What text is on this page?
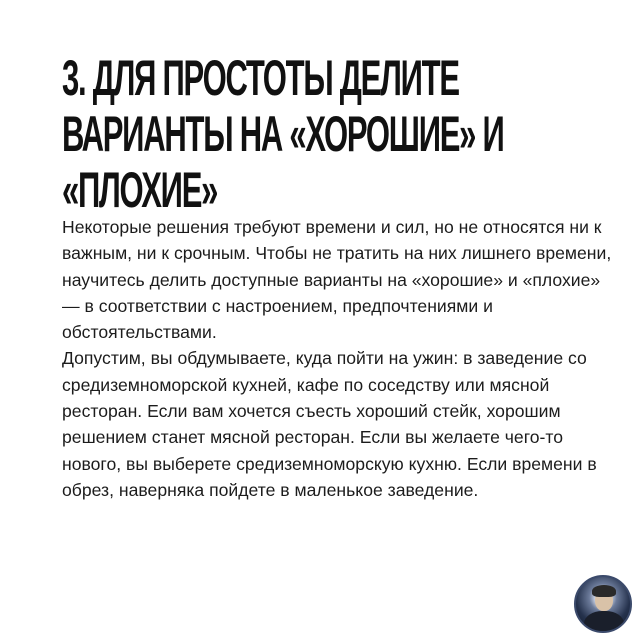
3. ДЛЯ ПРОСТОТЫ ДЕЛИТЕ
ВАРИАНТЫ НА «ХОРОШИЕ» И
«ПЛОХИЕ»

Некоторые решения требуют времени и сил, но не относятся ни к важным, ни к срочным. Чтобы не тратить на них лишнего времени, научитесь делить доступные варианты на «хорошие» и «плохие» — в соответствии с настроением, предпочтениями и обстоятельствами.

Допустим, вы обдумываете, куда пойти на ужин: в заведение со средиземноморской кухней, кафе по соседству или мясной ресторан. Если вам хочется съесть хороший стейк, хорошим решением станет мясной ресторан. Если вы желаете чего-то нового, вы выберете средиземноморскую кухню. Если времени в обрез, наверняка пойдете в маленькое заведение.
